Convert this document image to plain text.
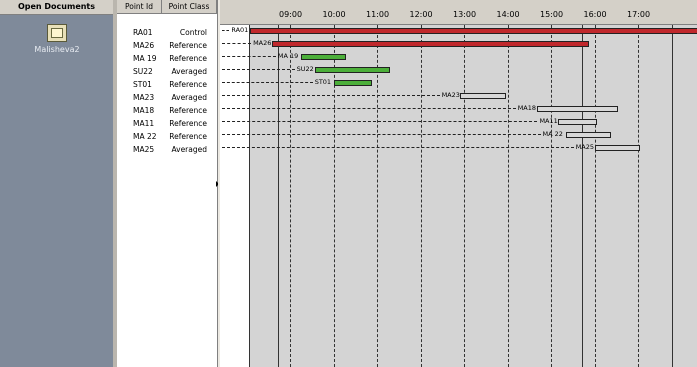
Open Documents
Malisheva2
Point Id	Point Class
RA01	Control
MA26	Reference
MA 19	Reference
SU22	Averaged
ST01	Reference
MA23	Averaged
MA18	Reference
MA11	Reference
MA 22	Reference
MA25	Averaged
09:00	10:00	11:00	12:00	13:00	14:00	15:00	16:00	17:00
RA01
MA26
MA 19
SU22
ST01
MA23
MA18
MA11
MA 22
MA25
